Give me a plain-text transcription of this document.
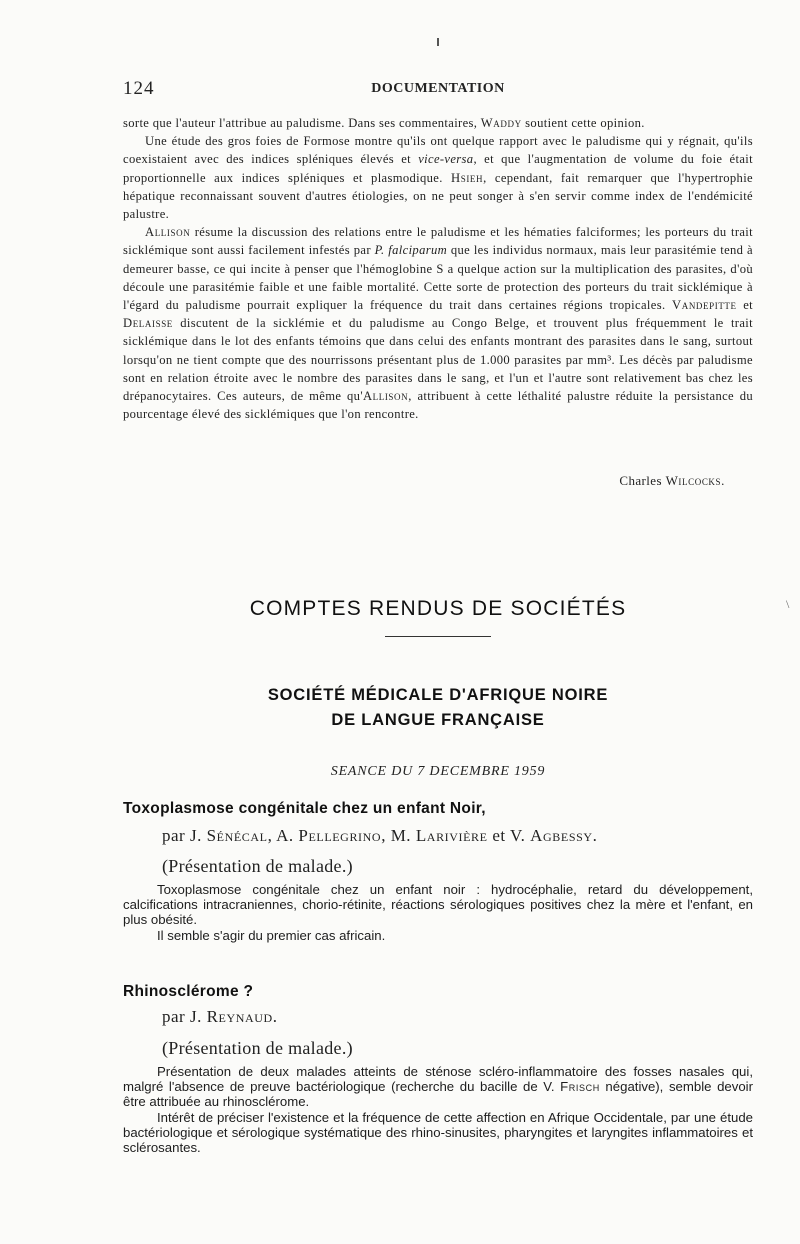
\
124	DOCUMENTATION

sorte que l'auteur l'attribue au paludisme. Dans ses commentaires, Waddy soutient cette opinion.

Une étude des gros foies de Formose montre qu'ils ont quelque rapport avec le paludisme qui y régnait, qu'ils coexistaient avec des indices spléniques élevés et vice-versa, et que l'augmentation de volume du foie était proportionnelle aux indices spléniques et plasmodique. Hsieh, cependant, fait remarquer que l'hypertrophie hépatique reconnaissant souvent d'autres étiologies, on ne peut songer à s'en servir comme index de l'endémicité palustre.

Allison résume la discussion des relations entre le paludisme et les hématies falciformes; les porteurs du trait sicklémique sont aussi facilement infestés par P. falciparum que les individus normaux, mais leur parasitémie tend à demeurer basse, ce qui incite à penser que l'hémoglobine S a quelque action sur la multiplication des parasites, d'où découle une parasitémie faible et une faible mortalité. Cette sorte de protection des porteurs du trait sicklémique à l'égard du paludisme pourrait expliquer la fréquence du trait dans certaines régions tropicales. Vandepitte et Delaisse discutent de la sicklémie et du paludisme au Congo Belge, et trouvent plus fréquemment le trait sicklémique dans le lot des enfants témoins que dans celui des enfants montrant des parasites dans le sang, surtout lorsqu'on ne tient compte que des nourrissons présentant plus de 1.000 parasites par mm³. Les décès par paludisme sont en relation étroite avec le nombre des parasites dans le sang, et l'un et l'autre sont relativement bas chez les drépanocytaires. Ces auteurs, de même qu'Allison, attribuent à cette léthalité palustre réduite la persistance du pourcentage élevé des sicklémiques que l'on rencontre.

Charles Wilcocks.
COMPTES RENDUS DE SOCIÉTÉS
SOCIÉTÉ MÉDICALE D'AFRIQUE NOIRE
DE LANGUE FRANÇAISE
SEANCE DU 7 DECEMBRE 1959
Toxoplasmose congénitale chez un enfant Noir,
par J. Sénécal, A. Pellegrino, M. Larivière et V. Agbessy.
(Présentation de malade.)

Toxoplasmose congénitale chez un enfant noir : hydrocéphalie, retard du développement, calcifications intracraniennes, chorio-rétinite, réactions sérologiques positives chez la mère et l'enfant, en plus obésité.

Il semble s'agir du premier cas africain.

Rhinosclérome ?
par J. Reynaud.
(Présentation de malade.)

Présentation de deux malades atteints de sténose scléro-inflammatoire des fosses nasales qui, malgré l'absence de preuve bactériologique (recherche du bacille de V. Frisch négative), semble devoir être attribuée au rhinosclérome.

Intérêt de préciser l'existence et la fréquence de cette affection en Afrique Occidentale, par une étude bactériologique et sérologique systématique des rhino-sinusites, pharyngites et laryngites inflammatoires et sclérosantes.
